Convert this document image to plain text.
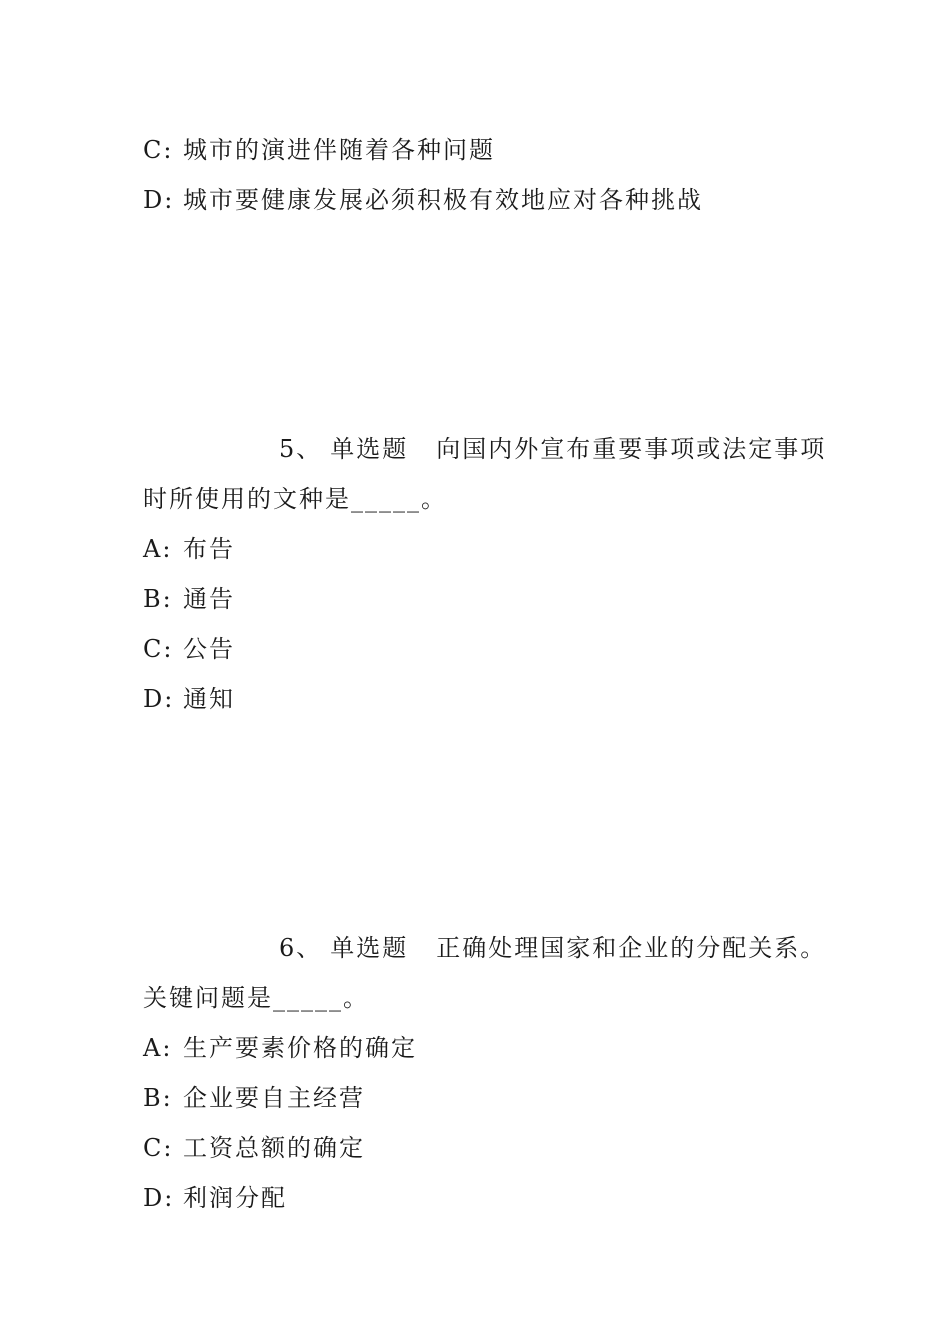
C: 城市的演进伴随着各种问题
D: 城市要健康发展必须积极有效地应对各种挑战
5、 单选题 向国内外宣布重要事项或法定事项
时所使用的文种是_____。
A: 布告
B: 通告
C: 公告
D: 通知
6、 单选题 正确处理国家和企业的分配关系。
关键问题是_____。
A: 生产要素价格的确定
B: 企业要自主经营
C: 工资总额的确定
D: 利润分配
